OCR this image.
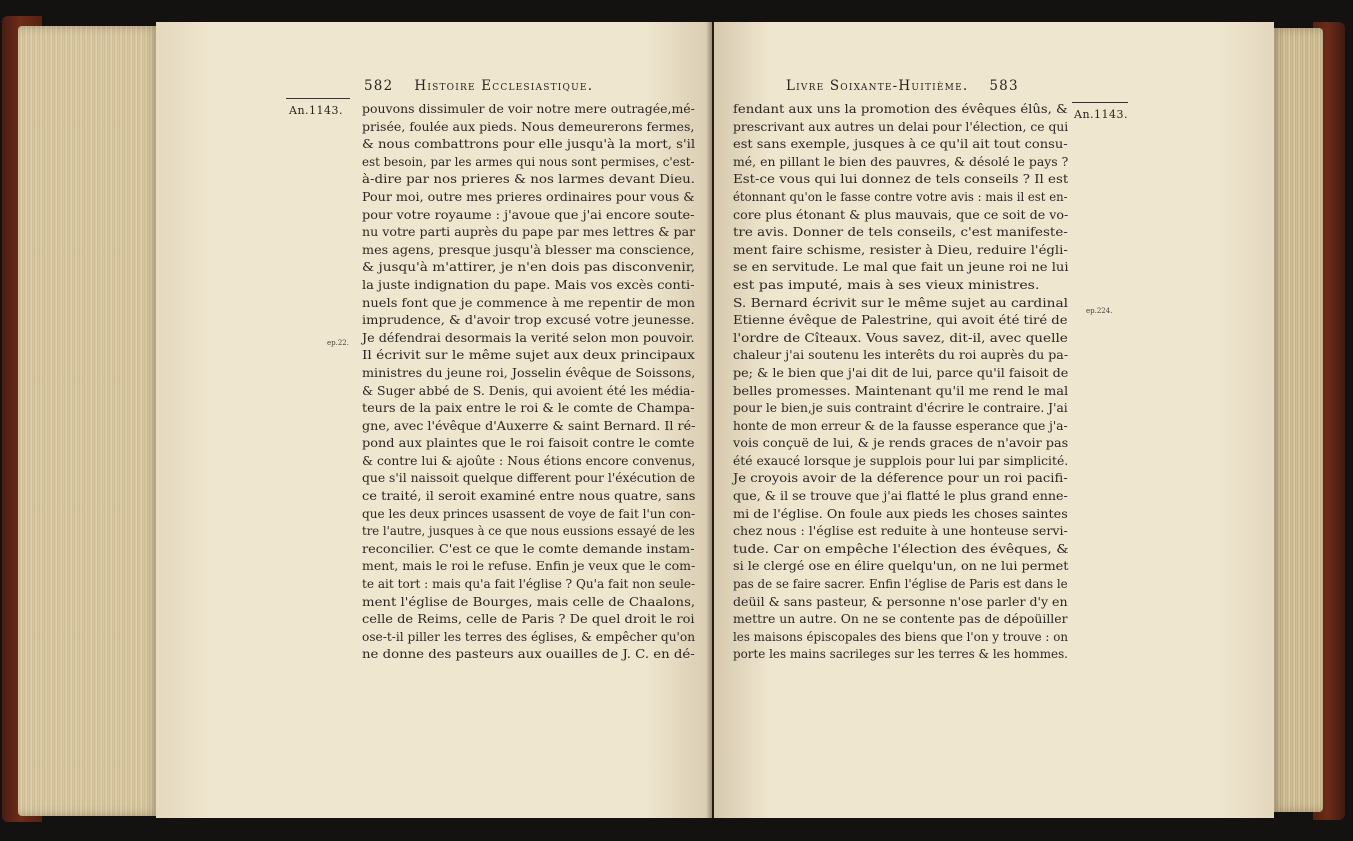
An.1143.
ep.22.
582 Histoire Ecclesiastique.
pouvons dissimuler de voir notre mere outragée,mé-
prisée, foulée aux pieds. Nous demeurerons fermes,
& nous combattrons pour elle jusqu'à la mort, s'il
est besoin, par les armes qui nous sont permises, c'est-
à-dire par nos prieres & nos larmes devant Dieu.
Pour moi, outre mes prieres ordinaires pour vous &
pour votre royaume : j'avoue que j'ai encore soute-
nu votre parti auprès du pape par mes lettres & par
mes agens, presque jusqu'à blesser ma conscience,
& jusqu'à m'attirer, je n'en dois pas disconvenir,
la juste indignation du pape. Mais vos excès conti-
nuels font que je commence à me repentir de mon
imprudence, & d'avoir trop excusé votre jeunesse.
Je défendrai desormais la verité selon mon pouvoir.
Il écrivit sur le même sujet aux deux principaux
ministres du jeune roi, Josselin évêque de Soissons,
& Suger abbé de S. Denis, qui avoient été les média-
teurs de la paix entre le roi & le comte de Champa-
gne, avec l'évêque d'Auxerre & saint Bernard. Il ré-
pond aux plaintes que le roi faisoit contre le comte
& contre lui & ajoûte : Nous étions encore convenus,
que s'il naissoit quelque different pour l'éxécution de
ce traité, il seroit examiné entre nous quatre, sans
que les deux princes usassent de voye de fait l'un con-
tre l'autre, jusques à ce que nous eussions essayé de les
reconcilier. C'est ce que le comte demande instam-
ment, mais le roi le refuse. Enfin je veux que le com-
te ait tort : mais qu'a fait l'église ? Qu'a fait non seule-
ment l'église de Bourges, mais celle de Chaalons,
celle de Reims, celle de Paris ? De quel droit le roi
ose-t-il piller les terres des églises, & empêcher qu'on
ne donne des pasteurs aux ouailles de J. C. en dé-
Livre Soixante-Huitième. 583
An.1143.
ep.224.
fendant aux uns la promotion des évêques élûs, &
prescrivant aux autres un delai pour l'élection, ce qui
est sans exemple, jusques à ce qu'il ait tout consu-
mé, en pillant le bien des pauvres, & désolé le pays ?
Est-ce vous qui lui donnez de tels conseils ? Il est
étonnant qu'on le fasse contre votre avis : mais il est en-
core plus étonant & plus mauvais, que ce soit de vo-
tre avis. Donner de tels conseils, c'est manifeste-
ment faire schisme, resister à Dieu, reduire l'égli-
se en servitude. Le mal que fait un jeune roi ne lui
est pas imputé, mais à ses vieux ministres.
S. Bernard écrivit sur le même sujet au cardinal
Etienne évêque de Palestrine, qui avoit été tiré de
l'ordre de Cîteaux. Vous savez, dit-il, avec quelle
chaleur j'ai soutenu les interêts du roi auprès du pa-
pe; & le bien que j'ai dit de lui, parce qu'il faisoit de
belles promesses. Maintenant qu'il me rend le mal
pour le bien,je suis contraint d'écrire le contraire. J'ai
honte de mon erreur & de la fausse esperance que j'a-
vois conçuë de lui, & je rends graces de n'avoir pas
été exaucé lorsque je supplois pour lui par simplicité.
Je croyois avoir de la déference pour un roi pacifi-
que, & il se trouve que j'ai flatté le plus grand enne-
mi de l'église. On foule aux pieds les choses saintes
chez nous : l'église est reduite à une honteuse servi-
tude. Car on empêche l'élection des évêques, &
si le clergé ose en élire quelqu'un, on ne lui permet
pas de se faire sacrer. Enfin l'église de Paris est dans le
deüil & sans pasteur, & personne n'ose parler d'y en
mettre un autre. On ne se contente pas de dépoüiller
les maisons épiscopales des biens que l'on y trouve : on
porte les mains sacrileges sur les terres & les hommes.
